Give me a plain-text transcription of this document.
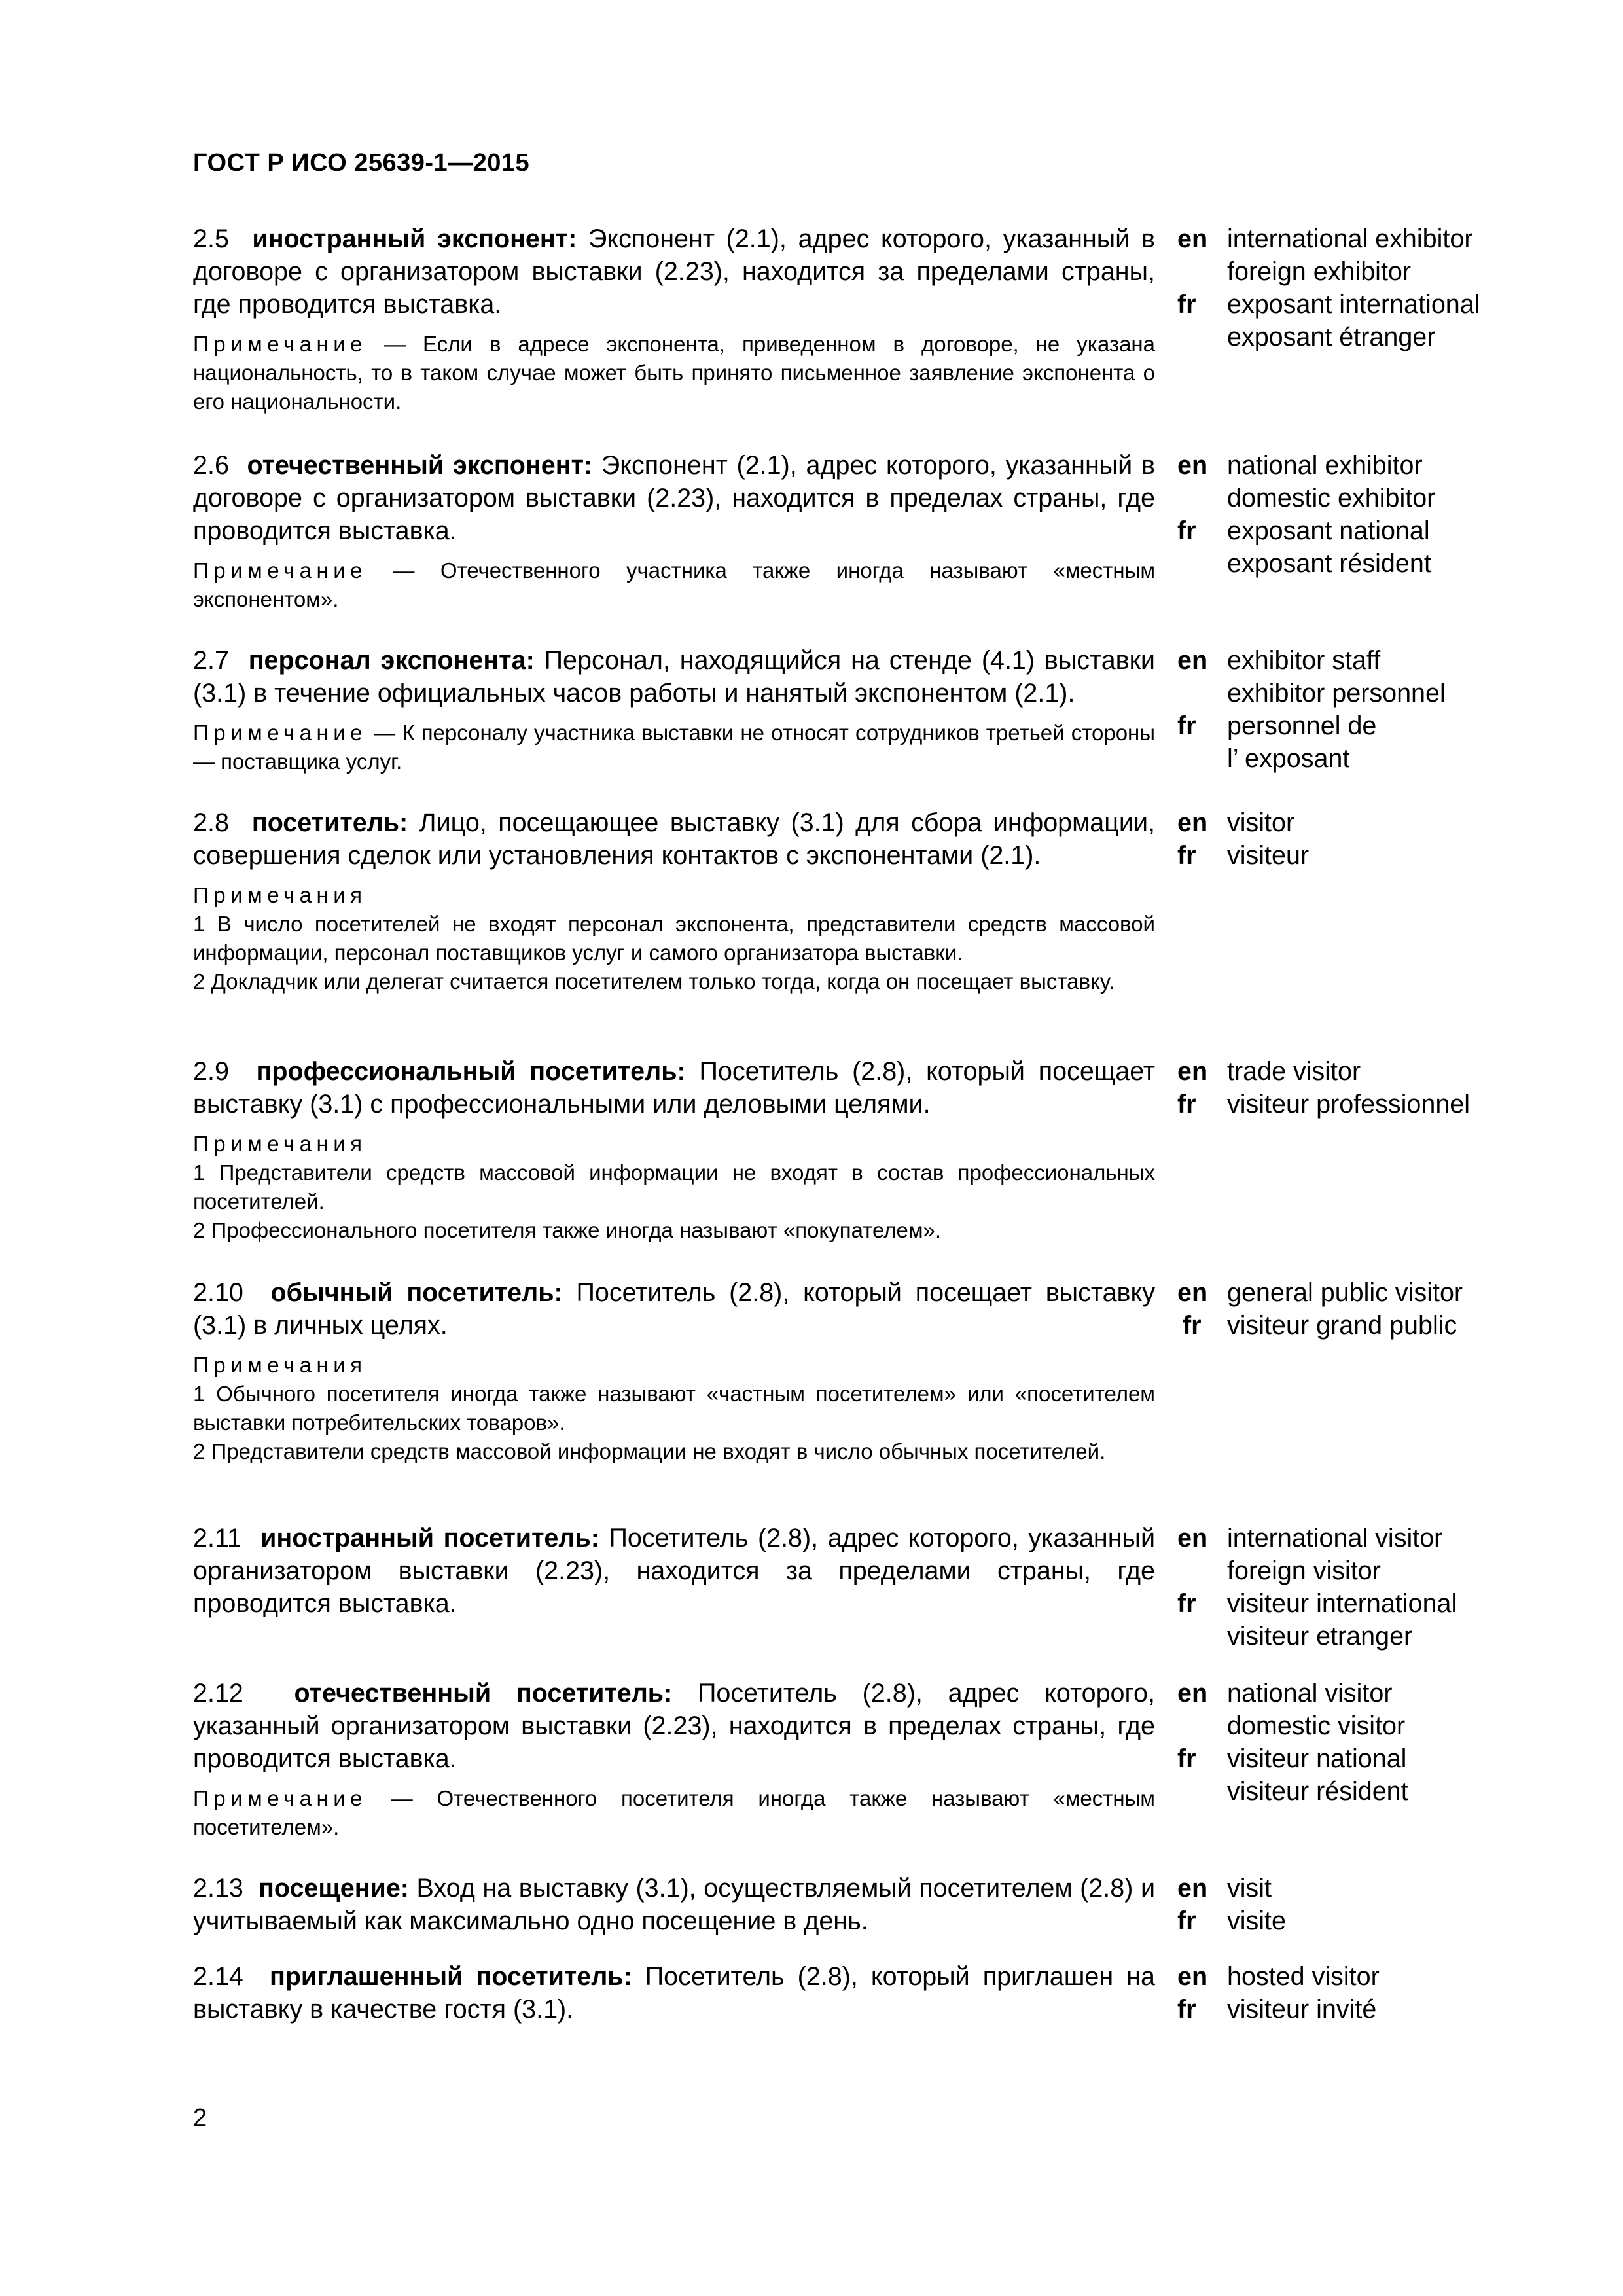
ГОСТ Р ИСО 25639-1—2015
2.5 иностранный экспонент: Экспонент (2.1), адрес которого, указанный в договоре с организатором выставки (2.23), находится за пределами страны, где проводится выставка.
Примечание — Если в адресе экспонента, приведенном в договоре, не указана национальность, то в таком случае может быть принято письменное заявление экспонента о его национальности.
en
fr
international exhibitor
foreign exhibitor
exposant international
exposant étranger
2.6 отечественный экспонент: Экспонент (2.1), адрес которого, указанный в договоре с организатором выставки (2.23), находится в пределах страны, где проводится выставка.
Примечание — Отечественного участника также иногда называют «местным экспонентом».
en
fr
national exhibitor
domestic exhibitor
exposant national
exposant résident
2.7 персонал экспонента: Персонал, находящийся на стенде (4.1) выставки (3.1) в течение официальных часов работы и нанятый экспонентом (2.1).
Примечание — К персоналу участника выставки не относят сотрудников третьей стороны — поставщика услуг.
en
fr
exhibitor staff
exhibitor personnel
personnel de
l’ exposant
2.8 посетитель: Лицо, посещающее выставку (3.1) для сбора информации, совершения сделок или установления контактов с экспонентами (2.1).
Примечания
1 В число посетителей не входят персонал экспонента, представители средств массовой информации, персонал поставщиков услуг и самого организатора выставки.
2 Докладчик или делегат считается посетителем только тогда, когда он посещает выставку.
en
fr
visitor
visiteur
2.9 профессиональный посетитель: Посетитель (2.8), который посещает выставку (3.1) с профессиональными или деловыми целями.
Примечания
1 Представители средств массовой информации не входят в состав профессиональных посетителей.
2 Профессионального посетителя также иногда называют «покупателем».
en
fr
trade visitor
visiteur professionnel
2.10 обычный посетитель: Посетитель (2.8), который посещает выставку (3.1) в личных целях.
Примечания
1 Обычного посетителя иногда также называют «частным посетителем» или «посетителем выставки потребительских товаров».
2 Представители средств массовой информации не входят в число обычных посетителей.
en
fr
general public visitor
visiteur grand public
2.11 иностранный посетитель: Посетитель (2.8), адрес которого, указанный организатором выставки (2.23), находится за пределами страны, где проводится выставка.
en
fr
international visitor
foreign visitor
visiteur international
visiteur etranger
2.12 отечественный посетитель: Посетитель (2.8), адрес которого, указанный организатором выставки (2.23), находится в пределах страны, где проводится выставка.
Примечание — Отечественного посетителя иногда также называют «местным посетителем».
en
fr
national visitor
domestic visitor
visiteur national
visiteur résident
2.13 посещение: Вход на выставку (3.1), осуществляемый посетителем (2.8) и учитываемый как максимально одно посещение в день.
en
fr
visit
visite
2.14 приглашенный посетитель: Посетитель (2.8), который приглашен на выставку в качестве гостя (3.1).
en
fr
hosted visitor
visiteur invité
2
